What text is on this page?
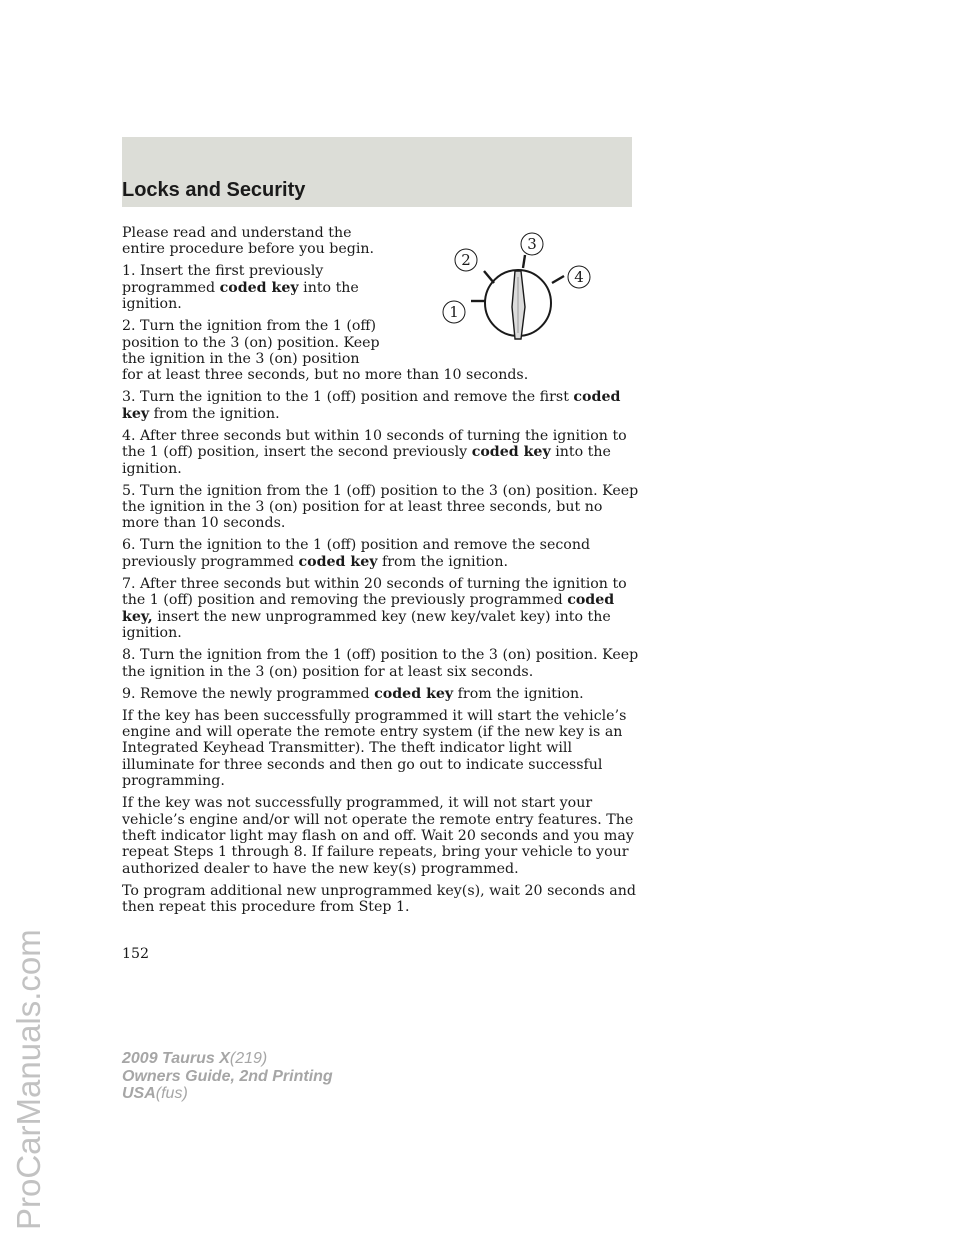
ProCarManuals.com
Locks and Security
1
2
3
4

Please read and understand the entire procedure before you begin.

1. Insert the first previously programmed coded key into the ignition.

2. Turn the ignition from the 1 (off) position to the 3 (on) position. Keep the ignition in the 3 (on) position

for at least three seconds, but no more than 10 seconds.

3. Turn the ignition to the 1 (off) position and remove the first coded key from the ignition.

4. After three seconds but within 10 seconds of turning the ignition to the 1 (off) position, insert the second previously coded key into the ignition.

5. Turn the ignition from the 1 (off) position to the 3 (on) position. Keep the ignition in the 3 (on) position for at least three seconds, but no more than 10 seconds.

6. Turn the ignition to the 1 (off) position and remove the second previously programmed coded key from the ignition.

7. After three seconds but within 20 seconds of turning the ignition to the 1 (off) position and removing the previously programmed coded key, insert the new unprogrammed key (new key/valet key) into the ignition.

8. Turn the ignition from the 1 (off) position to the 3 (on) position. Keep the ignition in the 3 (on) position for at least six seconds.

9. Remove the newly programmed coded key from the ignition.

If the key has been successfully programmed it will start the vehicle’s engine and will operate the remote entry system (if the new key is an Integrated Keyhead Transmitter). The theft indicator light will illuminate for three seconds and then go out to indicate successful programming.

If the key was not successfully programmed, it will not start your vehicle’s engine and/or will not operate the remote entry features. The theft indicator light may flash on and off. Wait 20 seconds and you may repeat Steps 1 through 8. If failure repeats, bring your vehicle to your authorized dealer to have the new key(s) programmed.

To program additional new unprogrammed key(s), wait 20 seconds and then repeat this procedure from Step 1.

152
2009 Taurus X(219)
Owners Guide, 2nd Printing
USA(fus)
